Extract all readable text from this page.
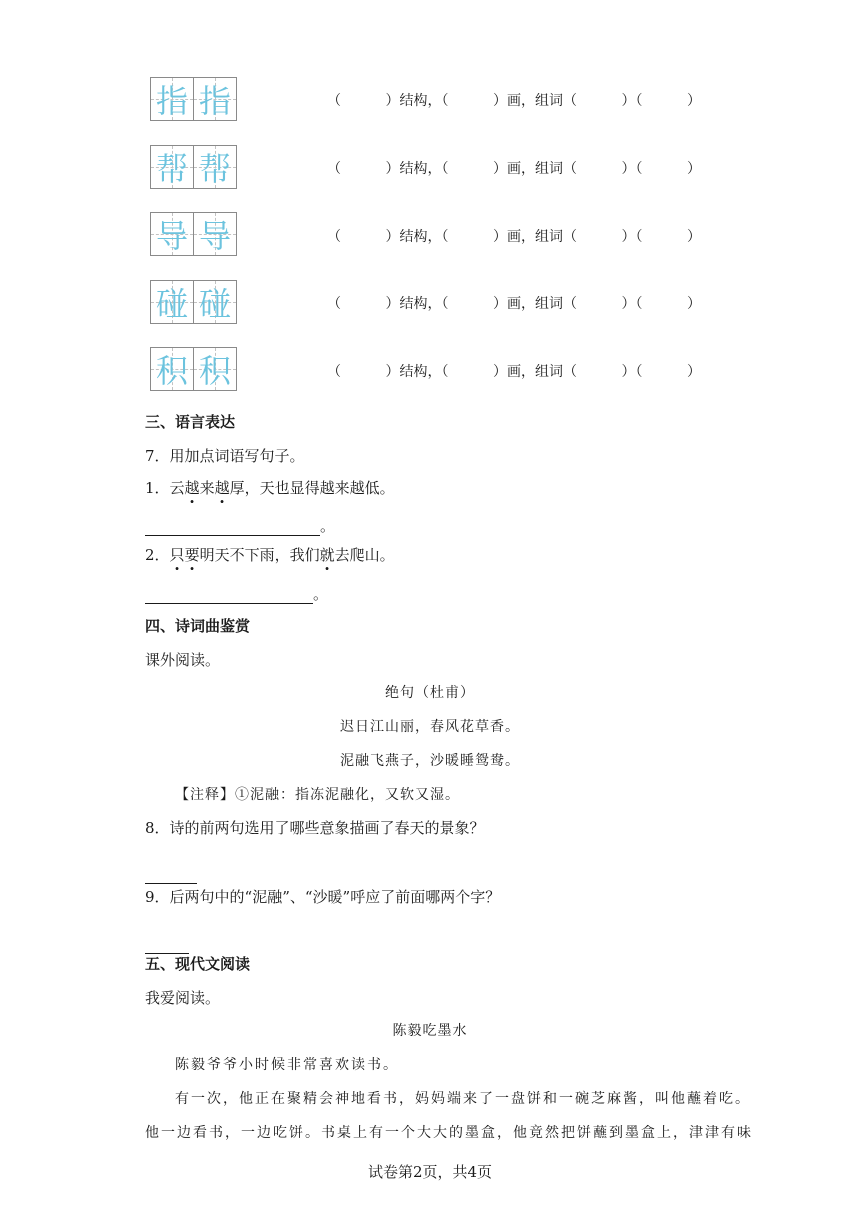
指 指	（          ）结构，（          ）画，组词（          ）（          ）
帮 帮	（          ）结构，（          ）画，组词（          ）（          ）
导 导	（          ）结构，（          ）画，组词（          ）（          ）
碰 碰	（          ）结构，（          ）画，组词（          ）（          ）
积 积	（          ）结构，（          ）画，组词（          ）（          ）
三、语言表达
7．用加点词语写句子。
1．云越来越厚，天也显得越来越低。
。
2．只要明天不下雨，我们就去爬山。
。
四、诗词曲鉴赏
课外阅读。
绝句（杜甫）
迟日江山丽，春风花草香。
泥融飞燕子，沙暖睡鸳鸯。
【注释】①泥融：指冻泥融化，又软又湿。
8．诗的前两句选用了哪些意象描画了春天的景象？
9．后两句中的“泥融”、“沙暖”呼应了前面哪两个字？
五、现代文阅读
我爱阅读。
陈毅吃墨水
陈毅爷爷小时候非常喜欢读书。
有一次，他正在聚精会神地看书，妈妈端来了一盘饼和一碗芝麻酱，叫他蘸着吃。
他一边看书，一边吃饼。书桌上有一个大大的墨盒，他竟然把饼蘸到墨盒上，津津有味
试卷第2页，共4页
